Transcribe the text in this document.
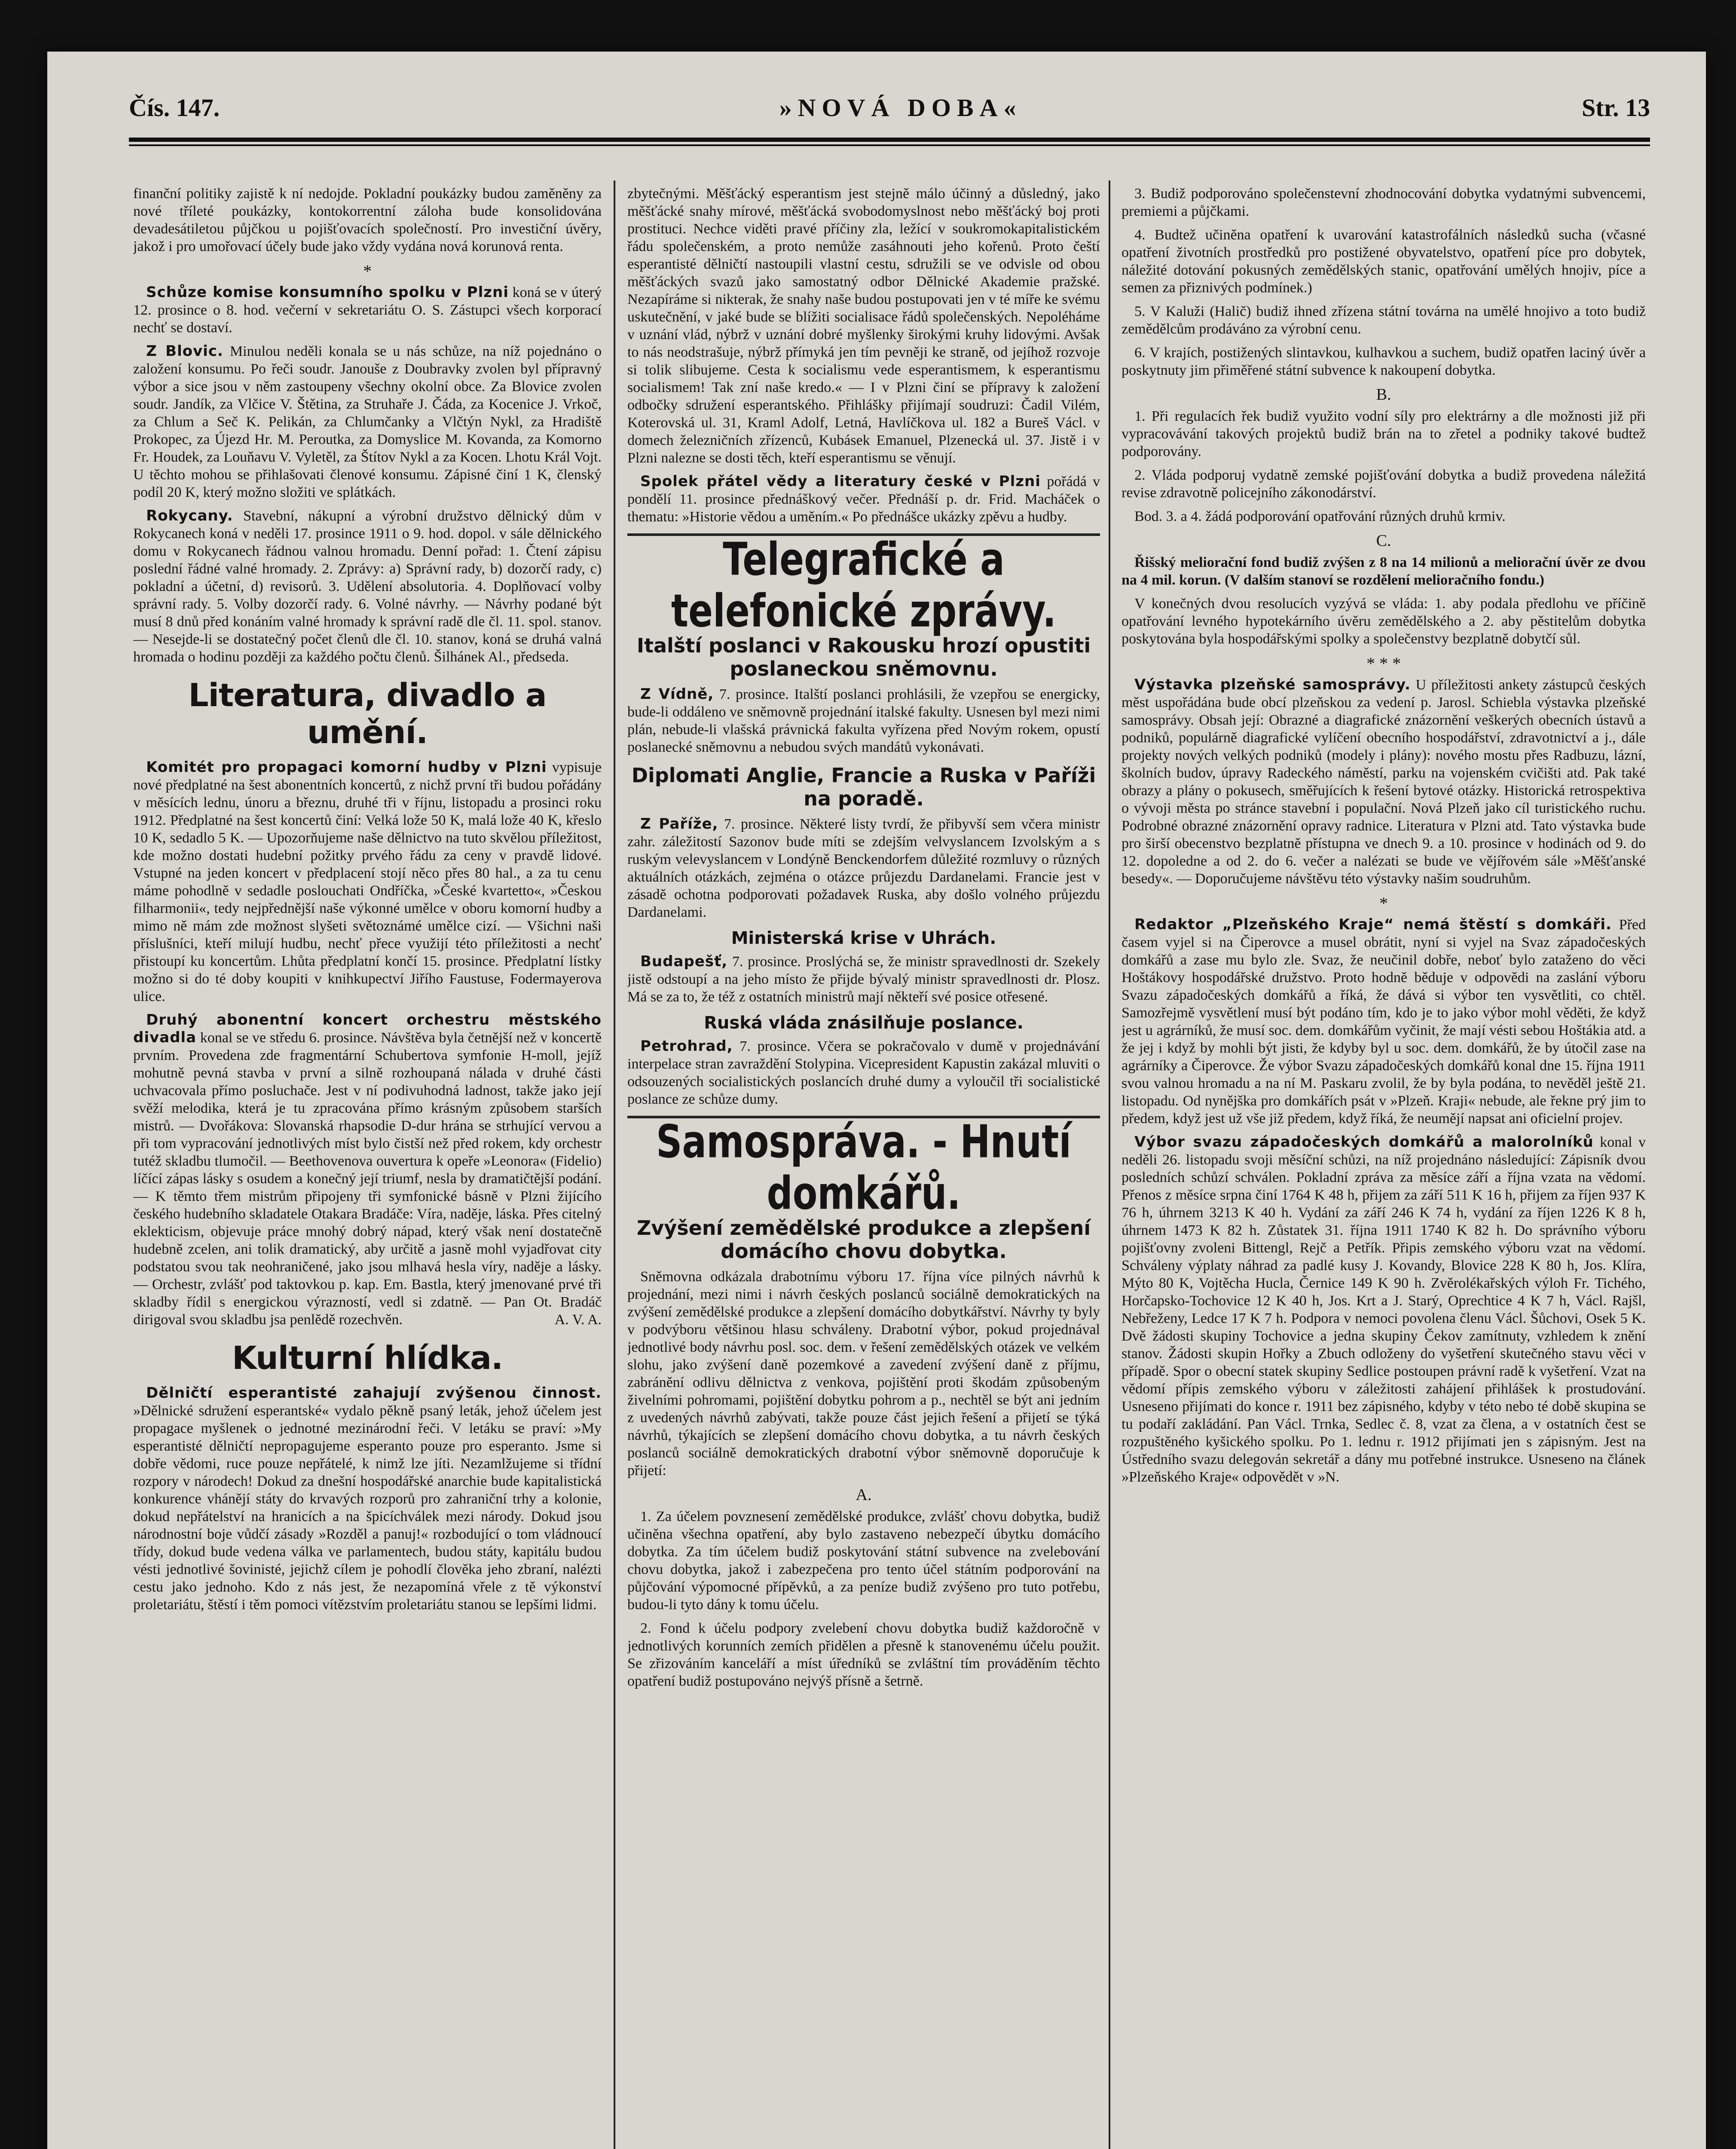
Čís. 147.	»NOVÁ DOBA«	Str. 13

finanční politiky zajistě k ní nedojde. Pokladní poukázky budou zaměněny za nové tříleté poukázky, kontokorrentní záloha bude konsolidována devadesátiletou půjčkou u pojišťovacích společností. Pro investiční úvěry, jakož i pro umořovací účely bude jako vždy vydána nová korunová renta.

*

Schůze komise konsumního spolku v Plzni koná se v úterý 12. prosince o 8. hod. večerní v sekretariátu O. S. Zástupci všech korporací nechť se dostaví.

Z Blovic. Minulou neděli konala se u nás schůze, na níž pojednáno o založení konsumu. Po řeči soudr. Janouše z Doubravky zvolen byl přípravný výbor a sice jsou v něm zastoupeny všechny okolní obce. Za Blovice zvolen soudr. Jandík, za Vlčice V. Štětina, za Struhaře J. Čáda, za Kocenice J. Vrkoč, za Chlum a Seč K. Pelikán, za Chlumčanky a Vlčtýn Nykl, za Hradiště Prokopec, za Újezd Hr. M. Peroutka, za Domyslice M. Kovanda, za Komorno Fr. Houdek, za Louňavu V. Vyletěl, za Štítov Nykl a za Kocen. Lhotu Král Vojt. U těchto mohou se přihlašovati členové konsumu. Zápisné činí 1 K, členský podíl 20 K, který možno složiti ve splátkách.

Rokycany. Stavební, nákupní a výrobní družstvo dělnický dům v Rokycanech koná v neděli 17. prosince 1911 o 9. hod. dopol. v sále dělnického domu v Rokycanech řádnou valnou hromadu. Denní pořad: 1. Čtení zápisu poslední řádné valné hromady. 2. Zprávy: a) Správní rady, b) dozorčí rady, c) pokladní a účetní, d) revisorů. 3. Udělení absolutoria. 4. Doplňovací volby správní rady. 5. Volby dozorčí rady. 6. Volné návrhy. — Návrhy podané být musí 8 dnů před konáním valné hromady k správní radě dle čl. 11. spol. stanov. — Nesejde-li se dostatečný počet členů dle čl. 10. stanov, koná se druhá valná hromada o hodinu později za každého počtu členů. Šilhánek Al., předseda.

Literatura, divadlo a umění.

Komitét pro propagaci komorní hudby v Plzni vypisuje nové předplatné na šest abonentních koncertů, z nichž první tři budou pořádány v měsících lednu, únoru a březnu, druhé tři v říjnu, listopadu a prosinci roku 1912. Předplatné na šest koncertů činí: Velká lože 50 K, malá lože 40 K, křeslo 10 K, sedadlo 5 K. — Upozorňujeme naše dělnictvo na tuto skvělou příležitost, kde možno dostati hudební požitky prvého řádu za ceny v pravdě lidové. Vstupné na jeden koncert v předplacení stojí něco přes 80 hal., a za tu cenu máme pohodlně v sedadle poslouchati Ondříčka, »České kvartetto«, »Českou filharmonii«, tedy nejpřednější naše výkonné umělce v oboru komorní hudby a mimo ně mám zde možnost slyšeti světoznámé umělce cizí. — Všichni naši příslušníci, kteří milují hudbu, nechť přece využijí této příležitosti a nechť přistoupí ku koncertům. Lhůta předplatní končí 15. prosince. Předplatní lístky možno si do té doby koupiti v knihkupectví Jiřího Faustuse, Fodermayerova ulice.

Druhý abonentní koncert orchestru městského divadla konal se ve středu 6. prosince. Návštěva byla četnější než v koncertě prvním. Provedena zde fragmentární Schubertova symfonie H-moll, jejíž mohutně pevná stavba v první a silně rozhoupaná nálada v druhé části uchvacovala přímo posluchače. Jest v ní podivuhodná ladnost, takže jako její svěží melodika, která je tu zpracována přímo krásným způsobem starších mistrů. — Dvořákova: Slovanská rhapsodie D-dur hrána se strhující vervou a při tom vypracování jednotlivých míst bylo čistší než před rokem, kdy orchestr tutéž skladbu tlumočil. — Beethovenova ouvertura k opeře »Leonora« (Fidelio) líčící zápas lásky s osudem a konečný její triumf, nesla by dramatičtější podání. — K těmto třem mistrům připojeny tři symfonické básně v Plzni žijícího českého hudebního skladatele Otakara Bradáče: Víra, naděje, láska. Přes citelný eklekticism, objevuje práce mnohý dobrý nápad, který však není dostatečně hudebně zcelen, ani tolik dramatický, aby určitě a jasně mohl vyjadřovat city podstatou svou tak neohraničené, jako jsou mlhavá hesla víry, naděje a lásky. — Orchestr, zvlášť pod taktovkou p. kap. Em. Bastla, který jmenované prvé tři skladby řídil s energickou výrazností, vedl si zdatně. — Pan Ot. Bradáč dirigoval svou skladbu jsa penlědě rozechvěn.	A. V. A.

Kulturní hlídka.

Dělničtí esperantisté zahajují zvýšenou činnost. »Dělnické sdružení esperantské« vydalo pěkně psaný leták, jehož účelem jest propagace myšlenek o jednotné mezinárodní řeči. V letáku se praví: »My esperantisté dělničtí nepropagujeme esperanto pouze pro esperanto. Jsme si dobře vědomi, ruce pouze nepřátelé, k nimž lze jíti. Nezamlžujeme si třídní rozpory v národech! Dokud za dnešní hospodářské anarchie bude kapitalistická konkurence vhánějí státy do krvavých rozporů pro zahraniční trhy a kolonie, dokud nepřátelství na hranicích a na špicíchválek mezi národy. Dokud jsou národnostní boje vůdčí zásady »Rozděl a panuj!« rozbodující o tom vládnoucí třídy, dokud bude vedena válka ve parlamentech, budou státy, kapitálu budou vésti jednotlivé šovinisté, jejichž cílem je pohodlí člověka jeho zbraní, nalézti cestu jako jednoho. Kdo z nás jest, že nezapomíná vřele z tě výkonství proletariátu, štěstí i těm pomoci vítězstvím proletariátu stanou se lepšími lidmi.

zbytečnými. Měšťácký esperantism jest stejně málo účinný a důsledný, jako měšťácké snahy mírové, měšťácká svobodomyslnost nebo měšťácký boj proti prostituci. Nechce viděti pravé příčiny zla, ležící v soukromokapitalistickém řádu společenském, a proto nemůže zasáhnouti jeho kořenů. Proto čeští esperantisté dělničtí nastoupili vlastní cestu, sdružili se ve odvisle od obou měšťáckých svazů jako samostatný odbor Dělnické Akademie pražské. Nezapíráme si nikterak, že snahy naše budou postupovati jen v té míře ke svému uskutečnění, v jaké bude se blížiti socialisace řádů společenských. Nepoléháme v uznání vlád, nýbrž v uznání dobré myšlenky širokými kruhy lidovými. Avšak to nás neodstrašuje, nýbrž přímyká jen tím pevněji ke straně, od jejíhož rozvoje si tolik slibujeme. Cesta k socialismu vede esperantismem, k esperantismu socialismem! Tak zní naše kredo.« — I v Plzni činí se přípravy k založení odbočky sdružení esperantského. Přihlášky přijímají soudruzi: Čadil Vilém, Koterovská ul. 31, Kraml Adolf, Letná, Havlíčkova ul. 182 a Bureš Václ. v domech železničních zřízenců, Kubásek Emanuel, Plzenecká ul. 37. Jistě i v Plzni nalezne se dosti těch, kteří esperantismu se věnují.

Spolek přátel vědy a literatury české v Plzni pořádá v pondělí 11. prosince přednáškový večer. Přednáší p. dr. Frid. Macháček o thematu: »Historie vědou a uměním.« Po přednášce ukázky zpěvu a hudby.

Telegrafické a telefonické zprávy.
Italští poslanci v Rakousku hrozí opustiti poslaneckou sněmovnu.

Z Vídně, 7. prosince. Italští poslanci prohlásili, že vzepřou se energicky, bude-li oddáleno ve sněmovně projednání italské fakulty. Usnesen byl mezi nimi plán, nebude-li vlašská právnická fakulta vyřízena před Novým rokem, opustí poslanecké sněmovnu a nebudou svých mandátů vykonávati.

Diplomati Anglie, Francie a Ruska v Paříži na poradě.

Z Paříže, 7. prosince. Některé listy tvrdí, že přibyvší sem včera ministr zahr. záležitostí Sazonov bude míti se zdejším velvyslancem Izvolským a s ruským velevyslancem v Londýně Benckendorfem důležité rozmluvy o různých aktuálních otázkách, zejména o otázce průjezdu Dardanelami. Francie jest v zásadě ochotna podporovati požadavek Ruska, aby došlo volného průjezdu Dardanelami.

Ministerská krise v Uhrách.

Budapešť, 7. prosince. Proslýchá se, že ministr spravedlnosti dr. Szekely jistě odstoupí a na jeho místo že přijde bývalý ministr spravedlnosti dr. Plosz. Má se za to, že též z ostatních ministrů mají někteří své posice otřesené.

Ruská vláda znásilňuje poslance.

Petrohrad, 7. prosince. Včera se pokračovalo v dumě v projednávání interpelace stran zavraždění Stolypina. Vicepresident Kapustin zakázal mluviti o odsouzených socialistických poslancích druhé dumy a vyloučil tři socialistické poslance ze schůze dumy.

Samospráva. - Hnutí domkářů.
Zvýšení zemědělské produkce a zlepšení domácího chovu dobytka.

Sněmovna odkázala drabotnímu výboru 17. října více pilných návrhů k projednání, mezi nimi i návrh českých poslanců sociálně demokratických na zvýšení zemědělské produkce a zlepšení domácího dobytkářství. Návrhy ty byly v podvýboru většinou hlasu schváleny. Drabotní výbor, pokud projednával jednotlivé body návrhu posl. soc. dem. v řešení zemědělských otázek ve velkém slohu, jako zvýšení daně pozemkové a zavedení zvýšení daně z příjmu, zabránění odlivu dělnictva z venkova, pojištění proti škodám způsobeným živelními pohromami, pojištění dobytku pohrom a p., nechtěl se být ani jedním z uvedených návrhů zabývati, takže pouze část jejich řešení a přijetí se týká návrhů, týkajících se zlepšení domácího chovu dobytka, a tu návrh českých poslanců sociálně demokratických drabotní výbor sněmovně doporučuje k přijetí:

A.

1. Za účelem povznesení zemědělské produkce, zvlášť chovu dobytka, budiž učiněna všechna opatření, aby bylo zastaveno nebezpečí úbytku domácího dobytka. Za tím účelem budiž poskytování státní subvence na zvelebování chovu dobytka, jakož i zabezpečena pro tento účel státním podporování na půjčování výpomocné přípěvků, a za peníze budiž zvýšeno pro tuto potřebu, budou-li tyto dány k tomu účelu.

2. Fond k účelu podpory zvelebení chovu dobytka budiž každoročně v jednotlivých korunních zemích přidělen a přesně k stanovenému účelu použit. Se zřizováním kanceláří a míst úředníků se zvláštní tím prováděním těchto opatření budiž postupováno nejvýš přísně a šetrně.

3. Budiž podporováno společenstevní zhodnocování dobytka vydatnými subvencemi, premiemi a půjčkami.

4. Budtež učiněna opatření k uvarování katastrofálních následků sucha (včasné opatření životních prostředků pro postižené obyvatelstvo, opatření píce pro dobytek, náležité dotování pokusných zemědělských stanic, opatřování umělých hnojiv, píce a semen za přiznivých podmínek.)

5. V Kaluži (Halič) budiž ihned zřízena státní továrna na umělé hnojivo a toto budiž zemědělcům prodáváno za výrobní cenu.

6. V krajích, postižených slintavkou, kulhavkou a suchem, budiž opatřen laciný úvěr a poskytnuty jim přiměřené státní subvence k nakoupení dobytka.

B.

1. Při regulacích řek budiž využito vodní síly pro elektrárny a dle možnosti již při vypracovávání takových projektů budiž brán na to zřetel a podniky takové budtež podporovány.

2. Vláda podporuj vydatně zemské pojišťování dobytka a budiž provedena náležitá revise zdravotně policejního zákonodárství.

Bod. 3. a 4. žádá podporování opatřování různých druhů krmiv.

C.

Řišský meliorační fond budiž zvýšen z 8 na 14 milionů a meliorační úvěr ze dvou na 4 mil. korun. (V dalším stanoví se rozdělení melioračního fondu.)

V konečných dvou resolucích vyzývá se vláda: 1. aby podala předlohu ve příčině opatřování levného hypotekárního úvěru zemědělského a 2. aby pěstitelům dobytka poskytována byla hospodářskými spolky a společenstvy bezplatně dobytčí sůl.

* * *

Výstavka plzeňské samosprávy. U příležitosti ankety zástupců českých měst uspořádána bude obcí plzeňskou za vedení p. Jarosl. Schiebla výstavka plzeňské samosprávy. Obsah její: Obrazné a diagrafické znázornění veškerých obecních ústavů a podniků, populárně diagrafické vylíčení obecního hospodářství, zdravotnictví a j., dále projekty nových velkých podniků (modely i plány): nového mostu přes Radbuzu, lázní, školních budov, úpravy Radeckého náměstí, parku na vojenském cvičišti atd. Pak také obrazy a plány o pokusech, směřujících k řešení bytové otázky. Historická retrospektiva o vývoji města po stránce stavební i populační. Nová Plzeň jako cíl turistického ruchu. Podrobné obrazné znázornění opravy radnice. Literatura v Plzni atd. Tato výstavka bude pro širší obecenstvo bezplatně přístupna ve dnech 9. a 10. prosince v hodinách od 9. do 12. dopoledne a od 2. do 6. večer a nalézati se bude ve vějířovém sále »Měšťanské besedy«. — Doporučujeme návštěvu této výstavky našim soudruhům.

*

Redaktor „Plzeňského Kraje“ nemá štěstí s domkáři. Před časem vyjel si na Čiperovce a musel obrátit, nyní si vyjel na Svaz západočeských domkářů a zase mu bylo zle. Svaz, že neučinil dobře, neboť bylo zataženo do věci Hoštákovy hospodářské družstvo. Proto hodně běduje v odpovědi na zaslání výboru Svazu západočeských domkářů a říká, že dává si výbor ten vysvětliti, co chtěl. Samozřejmě vysvětlení musí být podáno tím, kdo je to jako výbor mohl věděti, že když jest u agrárníků, že musí soc. dem. domkářům vyčinit, že mají vésti sebou Hoštákia atd. a že jej i když by mohli být jisti, že kdyby byl u soc. dem. domkářů, že by útočil zase na agrárníky a Čiperovce. Že výbor Svazu západočeských domkářů konal dne 15. října 1911 svou valnou hromadu a na ní M. Paskaru zvolil, že by byla podána, to nevěděl ještě 21. listopadu. Od nynějška pro domkářích psát v »Plzeň. Kraji« nebude, ale řekne prý jim to předem, když jest už vše již předem, když říká, že neumějí napsat ani oficielní projev.

Výbor svazu západočeských domkářů a malorolníků konal v neděli 26. listopadu svoji měsíční schůzi, na níž projednáno následující: Zápisník dvou posledních schůzí schválen. Pokladní zpráva za měsíce září a října vzata na vědomí. Přenos z měsíce srpna činí 1764 K 48 h, přijem za září 511 K 16 h, přijem za říjen 937 K 76 h, úhrnem 3213 K 40 h. Vydání za září 246 K 74 h, vydání za říjen 1226 K 8 h, úhrnem 1473 K 82 h. Zůstatek 31. října 1911 1740 K 82 h. Do správního výboru pojišťovny zvoleni Bittengl, Rejč a Petřík. Připis zemského výboru vzat na vědomí. Schváleny výplaty náhrad za padlé kusy J. Kovandy, Blovice 228 K 80 h, Jos. Klíra, Mýto 80 K, Vojtěcha Hucla, Černice 149 K 90 h. Zvěrolékařských výloh Fr. Tichého, Horčapsko-Tochovice 12 K 40 h, Jos. Krt a J. Starý, Oprechtice 4 K 7 h, Václ. Rajšl, Nebřeženy, Ledce 17 K 7 h. Podpora v nemoci povolena členu Václ. Šůchovi, Osek 5 K. Dvě žádosti skupiny Tochovice a jedna skupiny Čekov zamítnuty, vzhledem k znění stanov. Žádosti skupin Hořky a Zbuch odloženy do vyšetření skutečného stavu věci v případě. Spor o obecní statek skupiny Sedlice postoupen právní radě k vyšetření. Vzat na vědomí přípis zemského výboru v záležitosti zahájení přihlášek k prostudování. Usneseno přijímati do konce r. 1911 bez zápisného, kdyby v této nebo té době skupina se tu podaří zakládání. Pan Václ. Trnka, Sedlec č. 8, vzat za člena, a v ostatních čest se rozpuštěného kyšického spolku. Po 1. lednu r. 1912 přijímati jen s zápisným. Jest na Ústředního svazu delegován sekretář a dány mu potřebné instrukce. Usneseno na článek »Plzeňského Kraje« odpovědět v »N.
